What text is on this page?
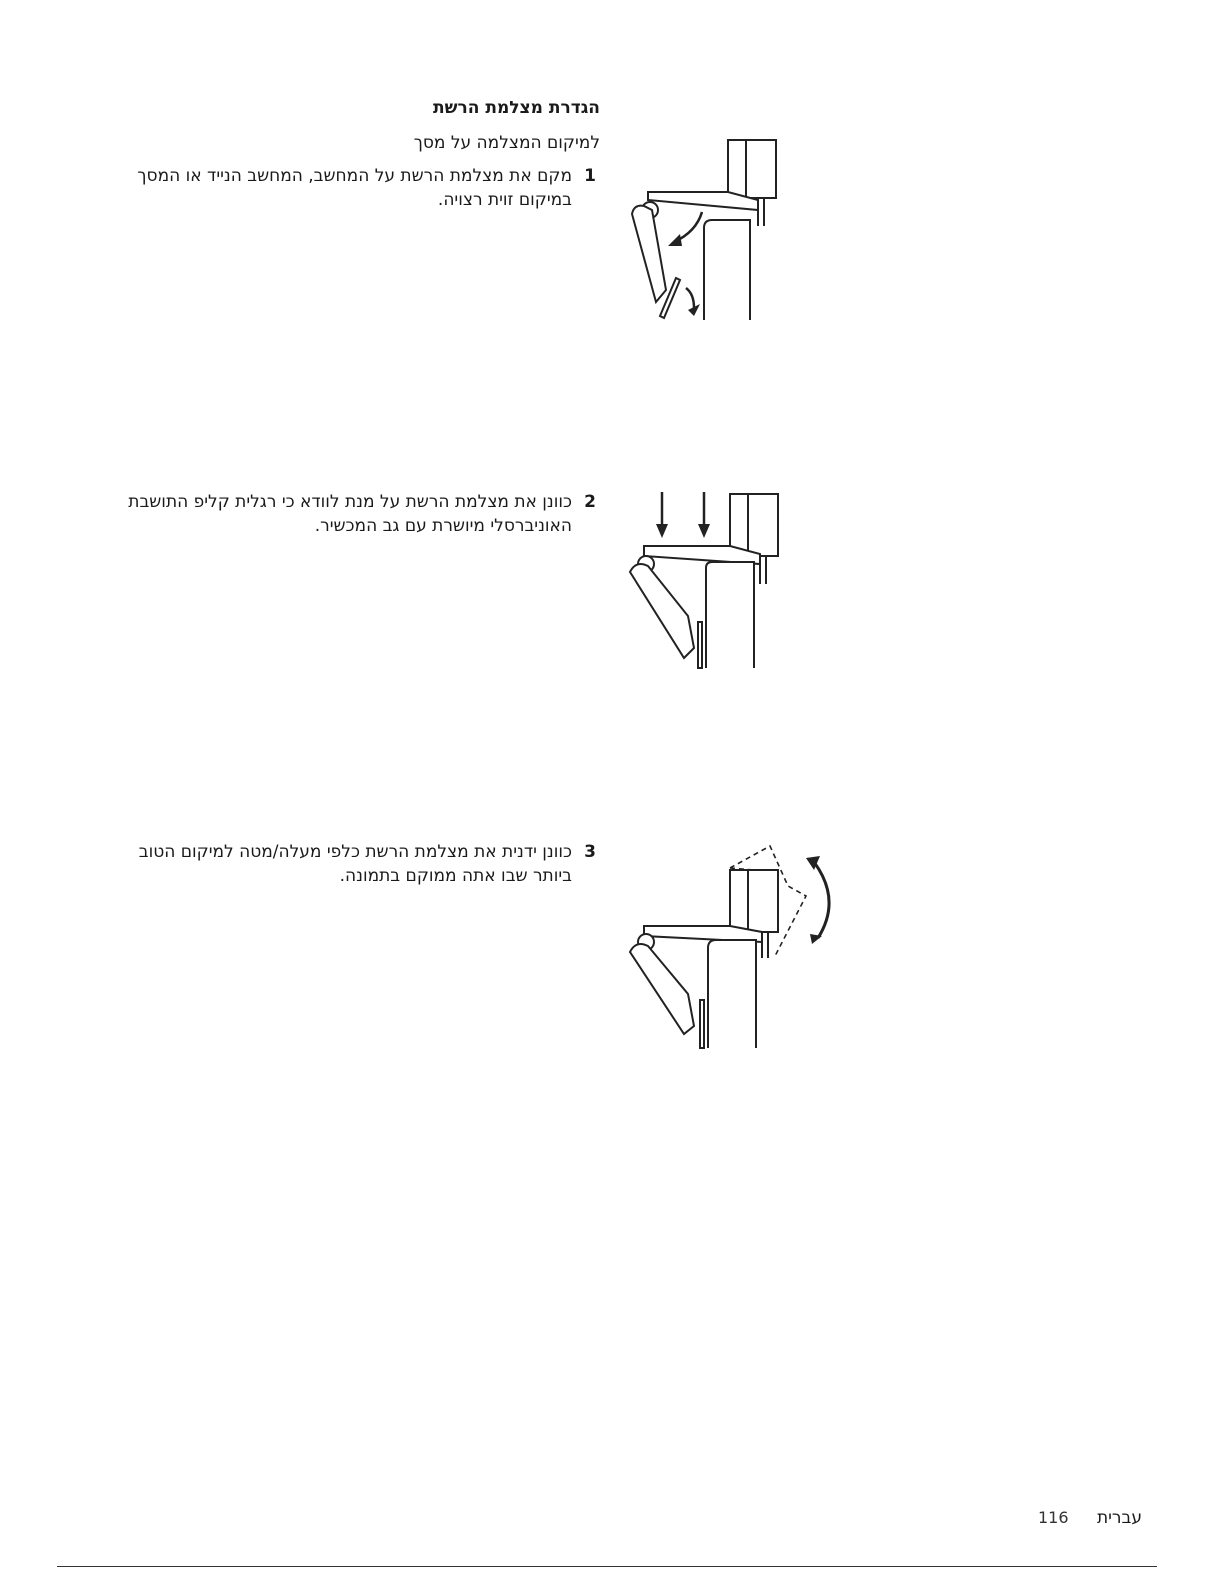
הגדרת מצלמת הרשת
למיקום המצלמה על מסך
1
מקם את מצלמת הרשת על המחשב, המחשב הנייד או המסך
במיקום זוית רצויה.
2
כוונן את מצלמת הרשת על מנת לוודא כי רגלית קליפ התושבת
האוניברסלי מיושרת עם גב המכשיר.
3
כוונן ידנית את מצלמת הרשת כלפי מעלה/מטה למיקום הטוב
ביותר שבו אתה ממוקם בתמונה.
עברית
116
